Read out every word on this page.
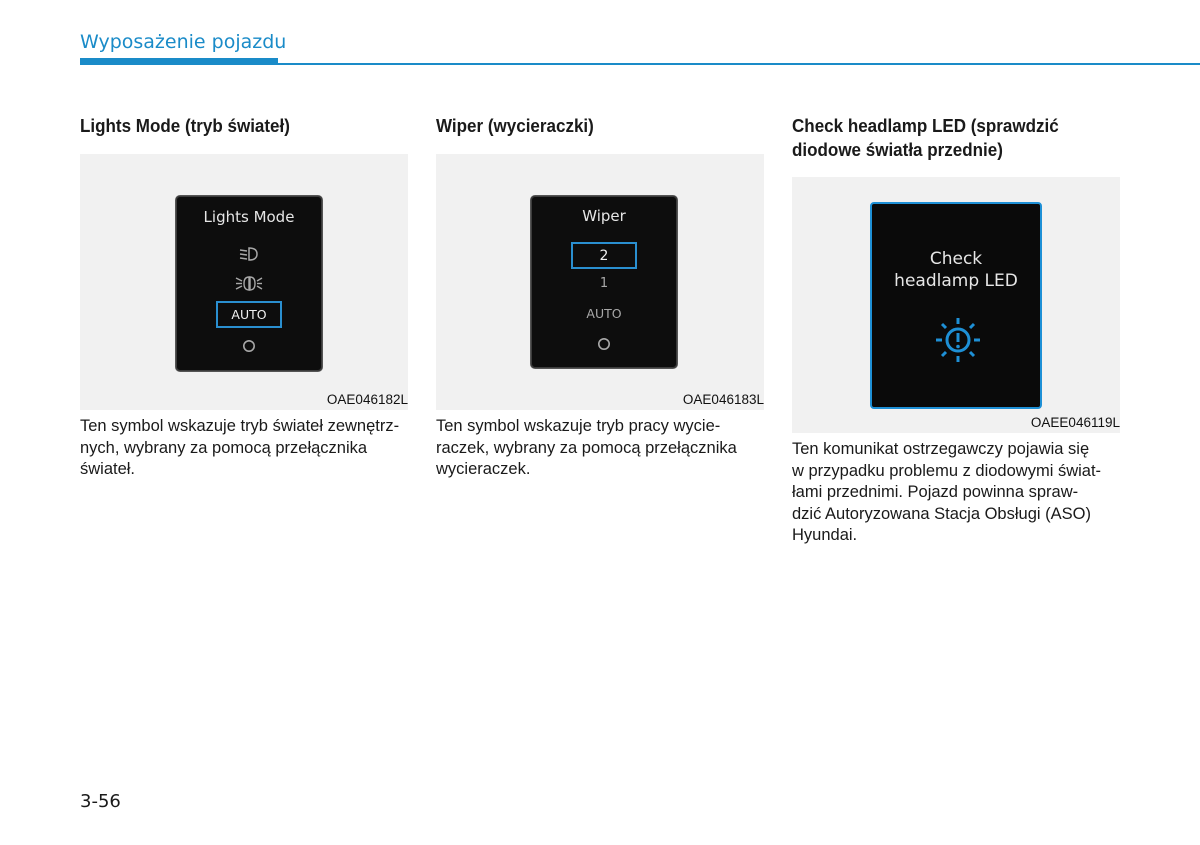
Wyposażenie pojazdu
Lights Mode (tryb świateł)
Lights Mode
AUTO
OAE046182L

Ten symbol wskazuje tryb świateł zewnętrz-
nych, wybrany za pomocą przełącznika
świateł.

Wiper (wycieraczki)
Wiper
2
1
AUTO
OAE046183L

Ten symbol wskazuje tryb pracy wycie-
raczek, wybrany za pomocą przełącznika
wycieraczek.

Check headlamp LED (sprawdzić
diodowe światła przednie)
Check
headlamp LED
OAEE046119L

Ten komunikat ostrzegawczy pojawia się
w przypadku problemu z diodowymi świat-
łami przednimi. Pojazd powinna spraw-
dzić Autoryzowana Stacja Obsługi (ASO)
Hyundai.

3-56
